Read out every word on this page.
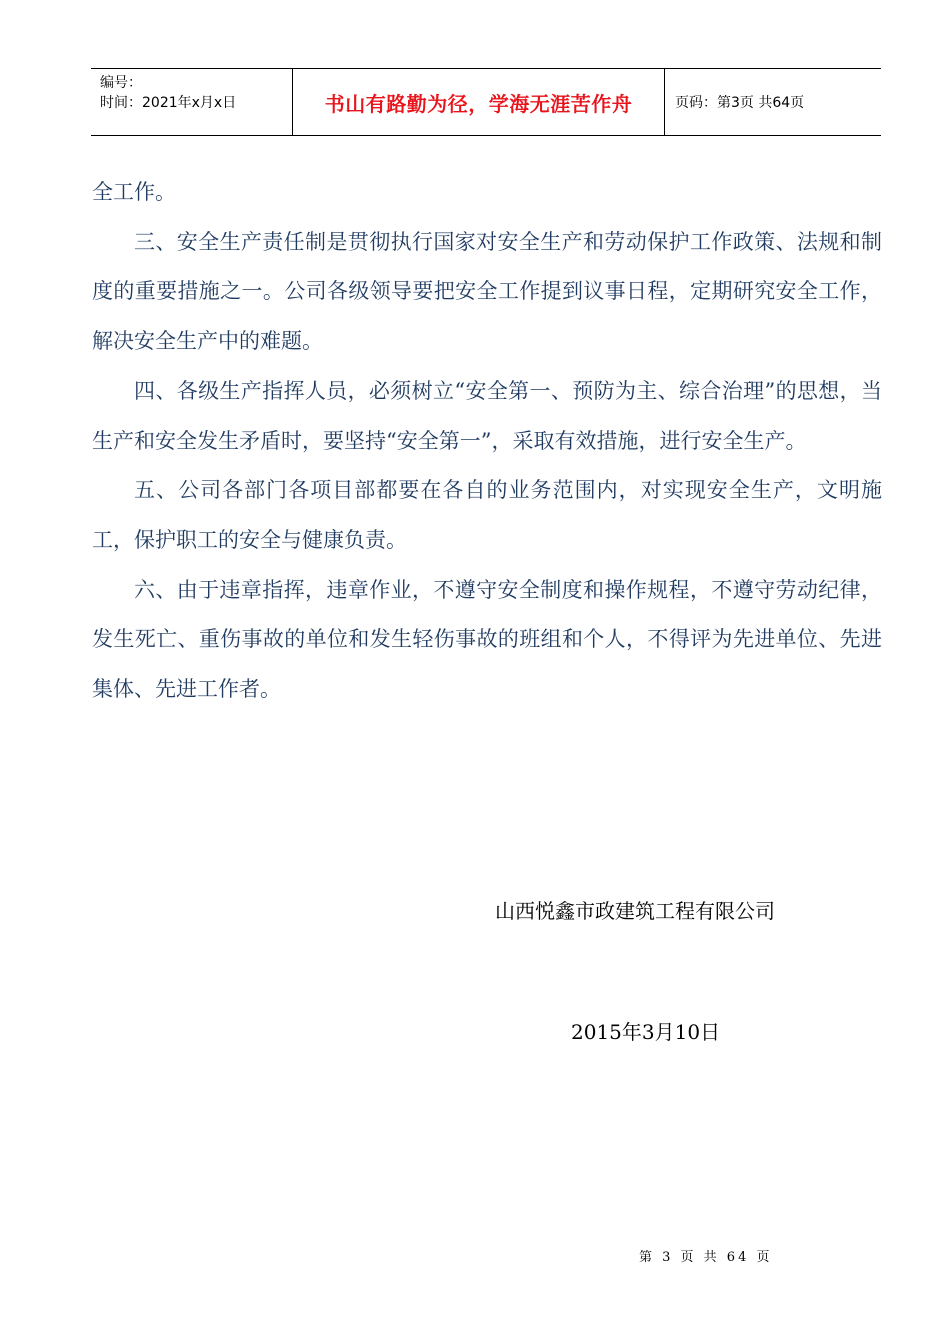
编号：
时间：2021年x月x日	书山有路勤为径，学海无涯苦作舟	页码：第3页 共64页

全工作。

三、安全生产责任制是贯彻执行国家对安全生产和劳动保护工作政策、法规和制度的重要措施之一。公司各级领导要把安全工作提到议事日程，定期研究安全工作，解决安全生产中的难题。

四、各级生产指挥人员，必须树立“安全第一、预防为主、综合治理”的思想，当生产和安全发生矛盾时，要坚持“安全第一”，采取有效措施，进行安全生产。

五、公司各部门各项目部都要在各自的业务范围内，对实现安全生产，文明施工，保护职工的安全与健康负责。

六、由于违章指挥，违章作业，不遵守安全制度和操作规程，不遵守劳动纪律，发生死亡、重伤事故的单位和发生轻伤事故的班组和个人，不得评为先进单位、先进集体、先进工作者。

山西悦鑫市政建筑工程有限公司
2015年3月10日
第 3 页 共 64 页
